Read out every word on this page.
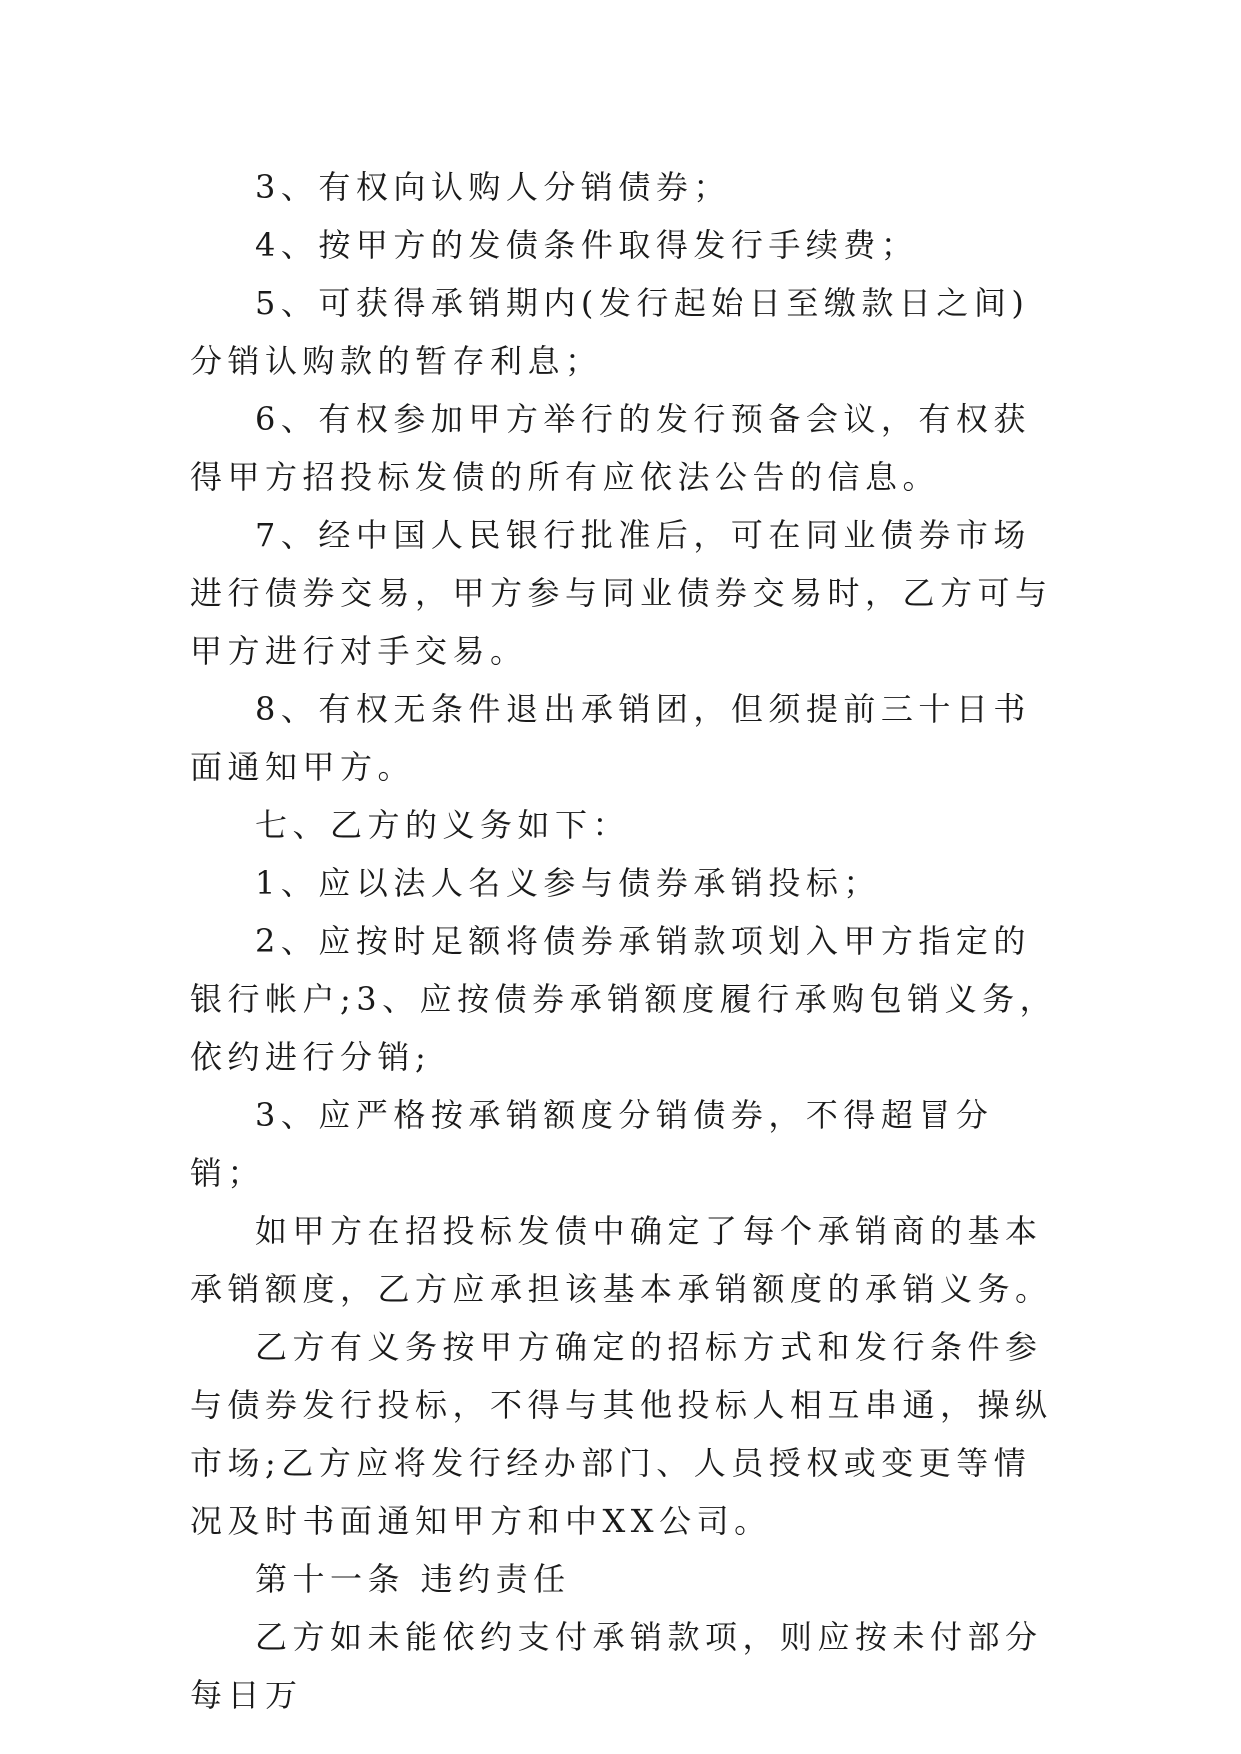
3、有权向认购人分销债券；

4、按甲方的发债条件取得发行手续费；

5、可获得承销期内(发行起始日至缴款日之间)分销认购款的暂存利息；

6、有权参加甲方举行的发行预备会议，有权获得甲方招投标发债的所有应依法公告的信息。

7、经中国人民银行批准后，可在同业债券市场进行债券交易，甲方参与同业债券交易时，乙方可与甲方进行对手交易。

8、有权无条件退出承销团，但须提前三十日书面通知甲方。

七、乙方的义务如下：

1、应以法人名义参与债券承销投标；

2、应按时足额将债券承销款项划入甲方指定的银行帐户;3、应按债券承销额度履行承购包销义务，依约进行分销;

3、应严格按承销额度分销债券，不得超冒分销；

如甲方在招投标发债中确定了每个承销商的基本承销额度，乙方应承担该基本承销额度的承销义务。

乙方有义务按甲方确定的招标方式和发行条件参与债券发行投标，不得与其他投标人相互串通，操纵市场;乙方应将发行经办部门、人员授权或变更等情况及时书面通知甲方和中XX公司。

第十一条 违约责任

乙方如未能依约支付承销款项，则应按未付部分每日万
